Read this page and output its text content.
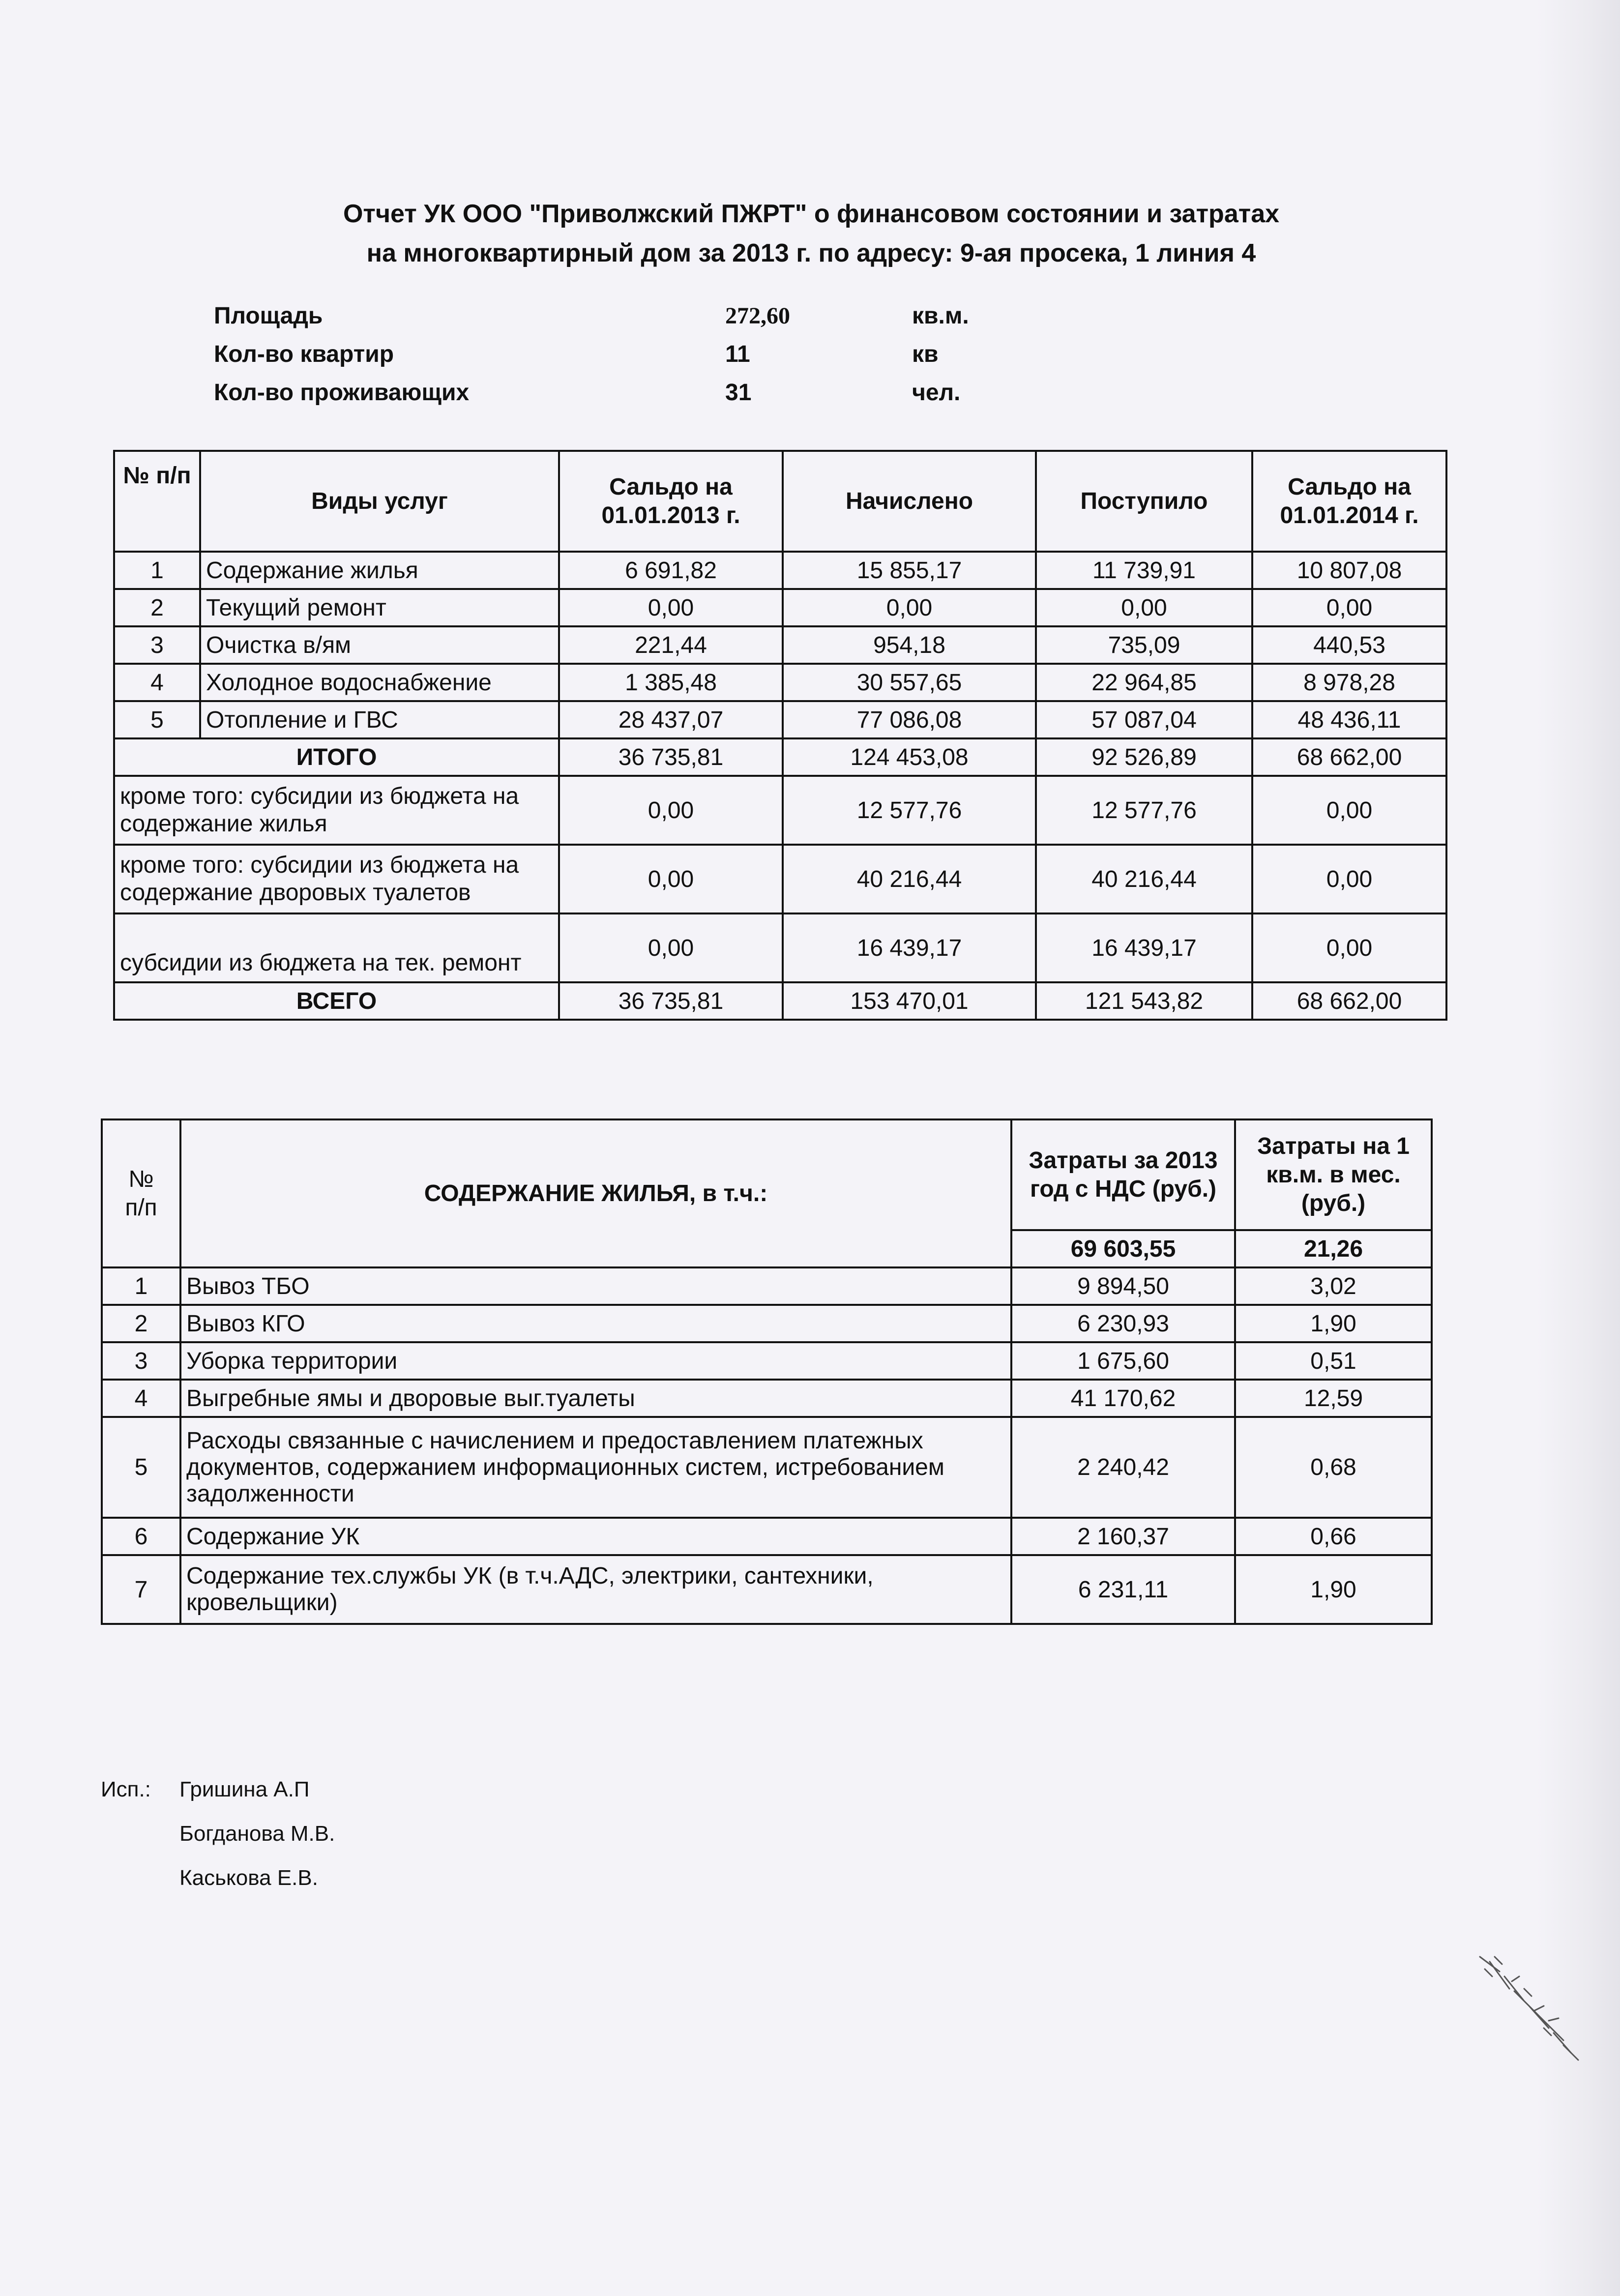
Отчет УК ООО "Приволжский ПЖРТ" о финансовом состоянии и затратах
на многоквартирный дом за 2013 г. по адресу: 9-ая просека, 1 линия 4
Площадь	272,60	кв.м.
Кол-во квартир	11	кв
Кол-во проживающих	31	чел.
№ п/п	Виды услуг	Сальдо на 01.01.2013 г.	Начислено	Поступило	Сальдо на 01.01.2014 г.
1	Содержание жилья	6 691,82	15 855,17	11 739,91	10 807,08
2	Текущий ремонт	0,00	0,00	0,00	0,00
3	Очистка в/ям	221,44	954,18	735,09	440,53
4	Холодное водоснабжение	1 385,48	30 557,65	22 964,85	8 978,28
5	Отопление и ГВС	28 437,07	77 086,08	57 087,04	48 436,11
ИТОГО		36 735,81	124 453,08	92 526,89	68 662,00
кроме того: субсидии из бюджета на содержание жилья		0,00	12 577,76	12 577,76	0,00
кроме того: субсидии из бюджета на содержание дворовых туалетов		0,00	40 216,44	40 216,44	0,00
субсидии из бюджета на тек. ремонт		0,00	16 439,17	16 439,17	0,00
ВСЕГО		36 735,81	153 470,01	121 543,82	68 662,00
№ п/п	СОДЕРЖАНИЕ ЖИЛЬЯ, в т.ч.:	Затраты за 2013 год с НДС (руб.)	Затраты на 1 кв.м. в мес. (руб.)
		69 603,55	21,26
1	Вывоз ТБО	9 894,50	3,02
2	Вывоз КГО	6 230,93	1,90
3	Уборка территории	1 675,60	0,51
4	Выгребные ямы и дворовые выг.туалеты	41 170,62	12,59
5	Расходы связанные с начислением и предоставлением платежных документов, содержанием информационных систем, истребованием задолженности	2 240,42	0,68
6	Содержание УК	2 160,37	0,66
7	Содержание тех.службы УК (в т.ч.АДС, электрики, сантехники, кровельщики)	6 231,11	1,90
Исп.: Гришина А.П
Богданова М.В.
Каськова Е.В.
